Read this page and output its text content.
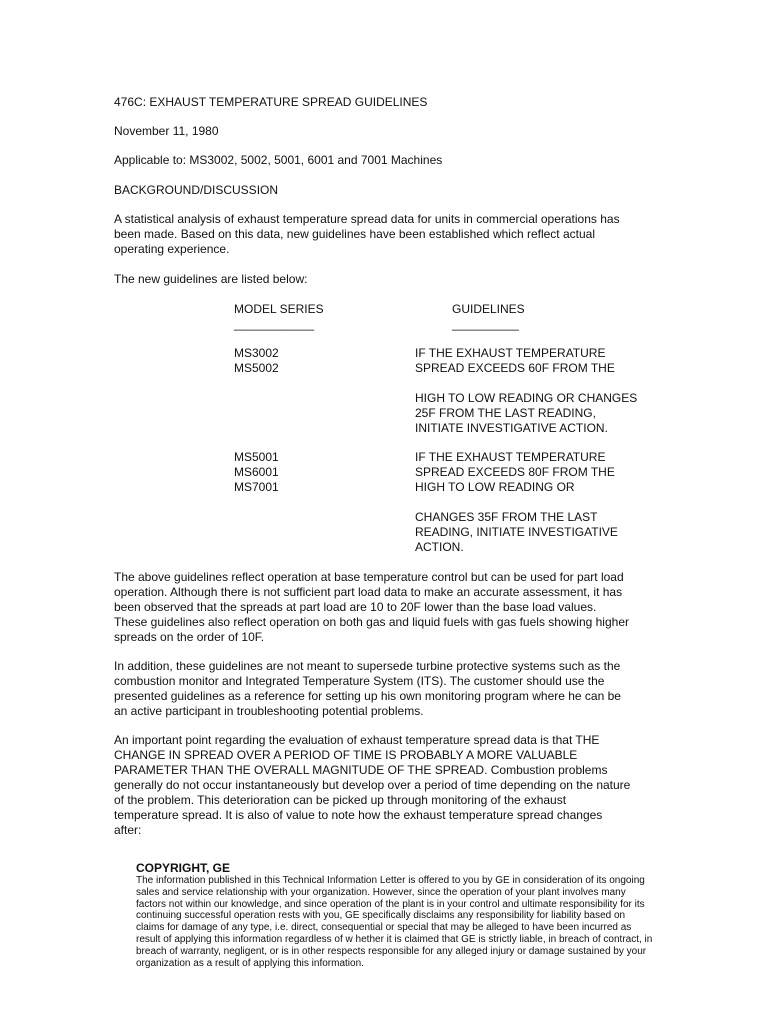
476C: EXHAUST TEMPERATURE SPREAD GUIDELINES

November 11, 1980

Applicable to: MS3002, 5002, 5001, 6001 and 7001 Machines

BACKGROUND/DISCUSSION

A statistical analysis of exhaust temperature spread data for units in commercial operations has
been made. Based on this data, new guidelines have been established which reflect actual
operating experience.

The new guidelines are listed below:

MODEL SERIES
____________
GUIDELINES
__________
MS3002
MS5002
IF THE EXHAUST TEMPERATURE
SPREAD EXCEEDS 60F FROM THE
HIGH TO LOW READING OR CHANGES
25F FROM THE LAST READING,
INITIATE INVESTIGATIVE ACTION.
MS5001
MS6001
MS7001
IF THE EXHAUST TEMPERATURE
SPREAD EXCEEDS 80F FROM THE
HIGH TO LOW READING OR
CHANGES 35F FROM THE LAST
READING, INITIATE INVESTIGATIVE
ACTION.
The above guidelines reflect operation at base temperature control but can be used for part load
operation. Although there is not sufficient part load data to make an accurate assessment, it has
been observed that the spreads at part load are 10 to 20F lower than the base load values.
These guidelines also reflect operation on both gas and liquid fuels with gas fuels showing higher
spreads on the order of 10F.
In addition, these guidelines are not meant to supersede turbine protective systems such as the
combustion monitor and Integrated Temperature System (ITS). The customer should use the
presented guidelines as a reference for setting up his own monitoring program where he can be
an active participant in troubleshooting potential problems.
An important point regarding the evaluation of exhaust temperature spread data is that THE
CHANGE IN SPREAD OVER A PERIOD OF TIME IS PROBABLY A MORE VALUABLE
PARAMETER THAN THE OVERALL MAGNITUDE OF THE SPREAD. Combustion problems
generally do not occur instantaneously but develop over a period of time depending on the nature
of the problem. This deterioration can be picked up through monitoring of the exhaust
temperature spread. It is also of value to note how the exhaust temperature spread changes
after:

COPYRIGHT, GE

The information published in this Technical Information Letter is offered to you by GE in consideration of its ongoing
sales and service relationship with your organization. However, since the operation of your plant involves many
factors not within our knowledge, and since operation of the plant is in your control and ultimate responsibility for its
continuing successful operation rests with you, GE specifically disclaims any responsibility for liability based on
claims for damage of any type, i.e. direct, consequential or special that may be alleged to have been incurred as
result of applying this information regardless of w hether it is claimed that GE is strictly liable, in breach of contract, in
breach of warranty, negligent, or is in other respects responsible for any alleged injury or damage sustained by your
organization as a result of applying this information.
